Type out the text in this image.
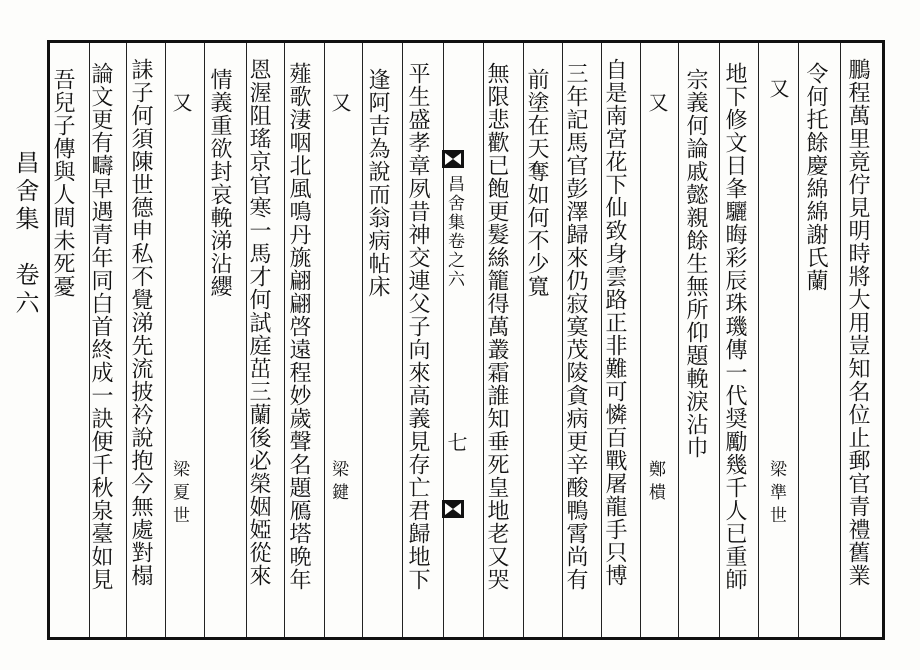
昌舍集　卷六	鵬程萬里竟佇見明時將大用豈知名位止郵官青禮舊業
令何托餘慶綿綿謝氏蘭
又
梁準世
地下修文日夆驪晦彩辰珠璣傳一代奨勵幾千人已重師
宗義何論戚懿親餘生無所仰題輓淚沾巾
又
鄭樻
自是南宮花下仙致身雲路正非難可憐百戰屠龍手只博
三年記馬官彭澤歸來仍寂寞茂陵貪病更辛酸鴨霄尚有
前塗在天奪如何不少寬
無限悲歡已飽更髮絲籠得萬叢霜誰知垂死皇地老又哭
昌舍集卷之六
七
平生盛孝章夙昔神交連父子向來高義見存亡君歸地下
逢阿吉為說而翁病帖床
又
梁鍵
薤歌淒咽北風鳴丹旐翩翩啓遠程妙歲聲名題鴈塔晩年
恩渥阻瑤京官寒一馬才何試庭茁三蘭後必榮姻婭從來
情義重欲封哀輓涕沾纓
又
梁夏世
誄子何須陳世德申私不覺涕先流披衿說抱今無處對榻
論文更有疇早遇青年同白首終成一訣便千秋泉臺如見
吾兒子傳與人間未死憂
